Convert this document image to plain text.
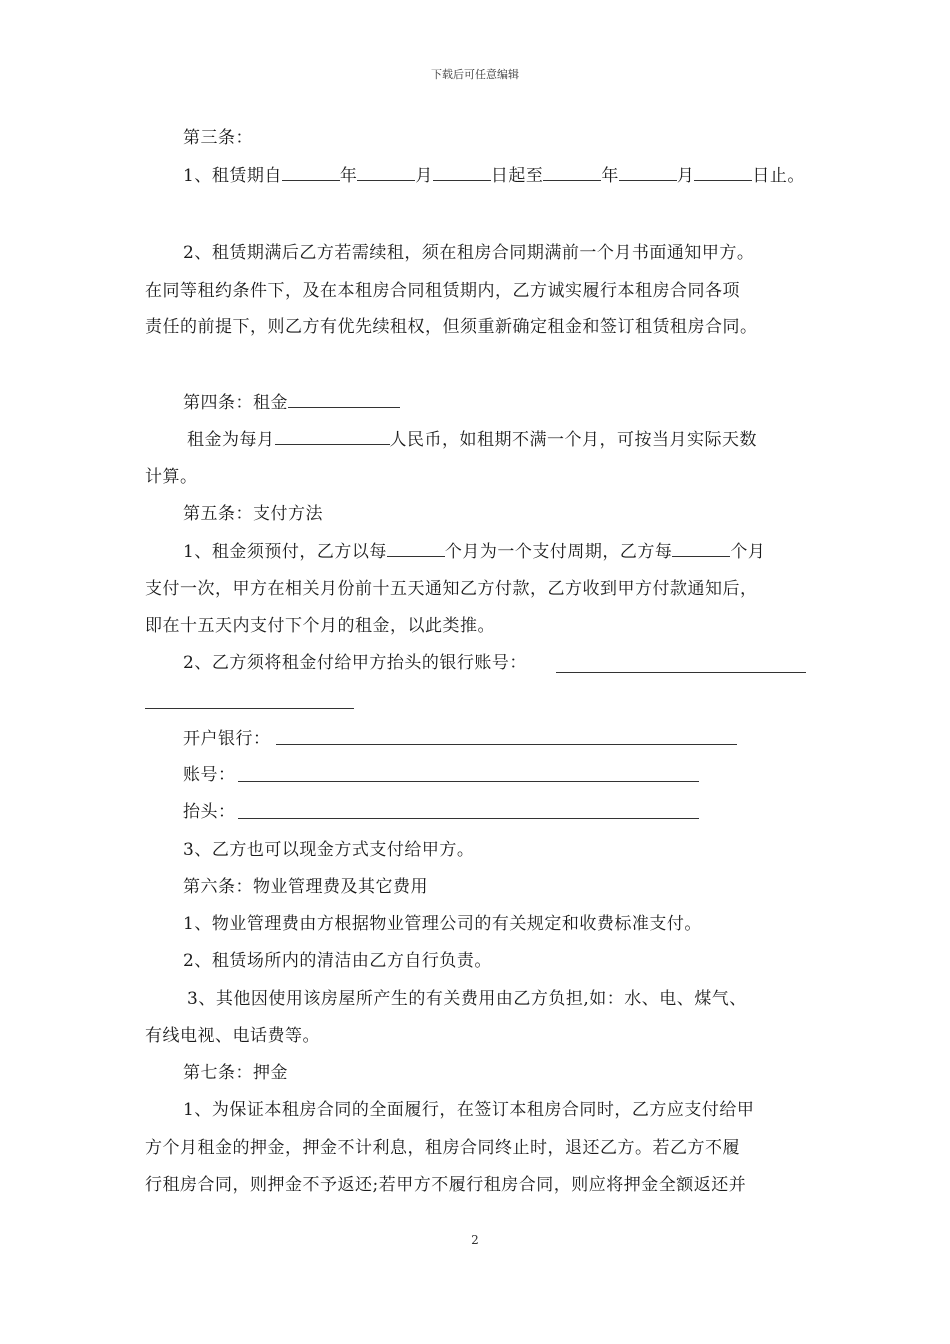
下载后可任意编辑
第三条：
1、租赁期自	年	月	日起至	年	月	日止。
2、租赁期满后乙方若需续租，须在租房合同期满前一个月书面通知甲方。
在同等租约条件下，及在本租房合同租赁期内，乙方诚实履行本租房合同各项
责任的前提下，则乙方有优先续租权，但须重新确定租金和签订租赁租房合同。
第四条：租金
租金为每月	人民币，如租期不满一个月，可按当月实际天数
计算。
第五条：支付方法
1、租金须预付，乙方以每	个月为一个支付周期，乙方每	个月
支付一次，甲方在相关月份前十五天通知乙方付款，乙方收到甲方付款通知后，
即在十五天内支付下个月的租金，以此类推。
2、乙方须将租金付给甲方抬头的银行账号：
开户银行：
账号：
抬头：
3、乙方也可以现金方式支付给甲方。
第六条：物业管理费及其它费用
1、物业管理费由方根据物业管理公司的有关规定和收费标准支付。
2、租赁场所内的清洁由乙方自行负责。
3、其他因使用该房屋所产生的有关费用由乙方负担,如：水、电、煤气、
有线电视、电话费等。
第七条：押金
1、为保证本租房合同的全面履行，在签订本租房合同时，乙方应支付给甲
方个月租金的押金，押金不计利息，租房合同终止时，退还乙方。若乙方不履
行租房合同，则押金不予返还;若甲方不履行租房合同，则应将押金全额返还并
2
